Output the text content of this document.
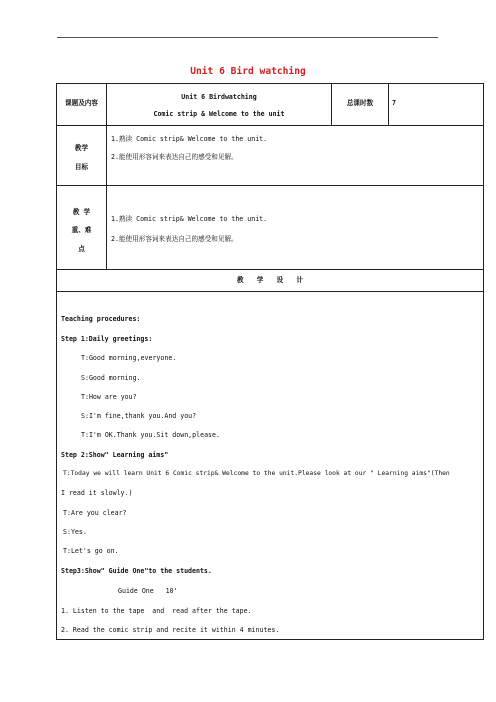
Unit 6 Bird watching
课题及内容
Unit 6 Birdwatching
Comic strip & Welcome to the unit
总课时数	7
教学
目标
1.熟读 Comic strip& Welcome to the unit.
2.能使用形容词来表达自己的感受和见解。
教 学
重、难
点
1.熟读 Comic strip& Welcome to the unit.
2.能使用形容词来表达自己的感受和见解。
教　　学　　设　　计
Teaching procedures:
Step 1:Daily greetings:
T:Good morning,everyone.
S:Good morning.
T:How are you?
S:I'm fine,thank you.And you?
T:I'm OK.Thank you.Sit down,please.
Step 2:Show" Learning aims"
T:Today we will learn Unit 6 Comic strip& Welcome to the unit.Please look at our " Learning aims"(Then
I read it slowly.)
T:Are you clear?
S:Yes.
T:Let's go on.
Step3:Show" Guide One"to the students.
Guide One   10'
1. Listen to the tape  and  read after the tape.
2. Read the comic strip and recite it within 4 minutes.
